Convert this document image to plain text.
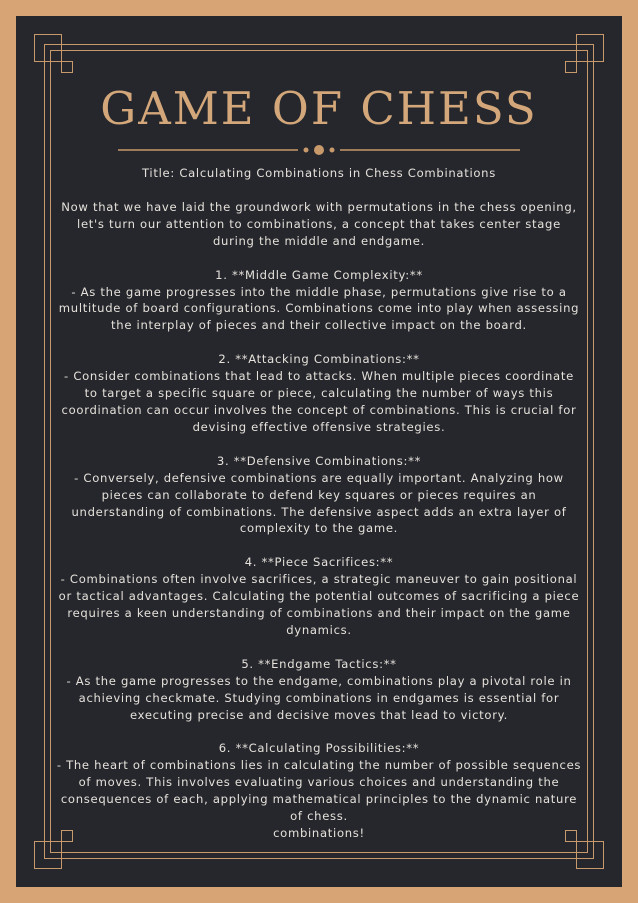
GAME OF CHESS

Title: Calculating Combinations in Chess Combinations

Now that we have laid the groundwork with permutations in the chess opening, let's turn our attention to combinations, a concept that takes center stage during the middle and endgame.

1. **Middle Game Complexity:**

- As the game progresses into the middle phase, permutations give rise to a multitude of board configurations. Combinations come into play when assessing the interplay of pieces and their collective impact on the board.

2. **Attacking Combinations:**

- Consider combinations that lead to attacks. When multiple pieces coordinate to target a specific square or piece, calculating the number of ways this coordination can occur involves the concept of combinations. This is crucial for devising effective offensive strategies.

3. **Defensive Combinations:**

- Conversely, defensive combinations are equally important. Analyzing how pieces can collaborate to defend key squares or pieces requires an understanding of combinations. The defensive aspect adds an extra layer of complexity to the game.

4. **Piece Sacrifices:**

- Combinations often involve sacrifices, a strategic maneuver to gain positional or tactical advantages. Calculating the potential outcomes of sacrificing a piece requires a keen understanding of combinations and their impact on the game dynamics.

5. **Endgame Tactics:**

- As the game progresses to the endgame, combinations play a pivotal role in achieving checkmate. Studying combinations in endgames is essential for executing precise and decisive moves that lead to victory.

6. **Calculating Possibilities:**

- The heart of combinations lies in calculating the number of possible sequences of moves. This involves evaluating various choices and understanding the consequences of each, applying mathematical principles to the dynamic nature of chess.
combinations!
